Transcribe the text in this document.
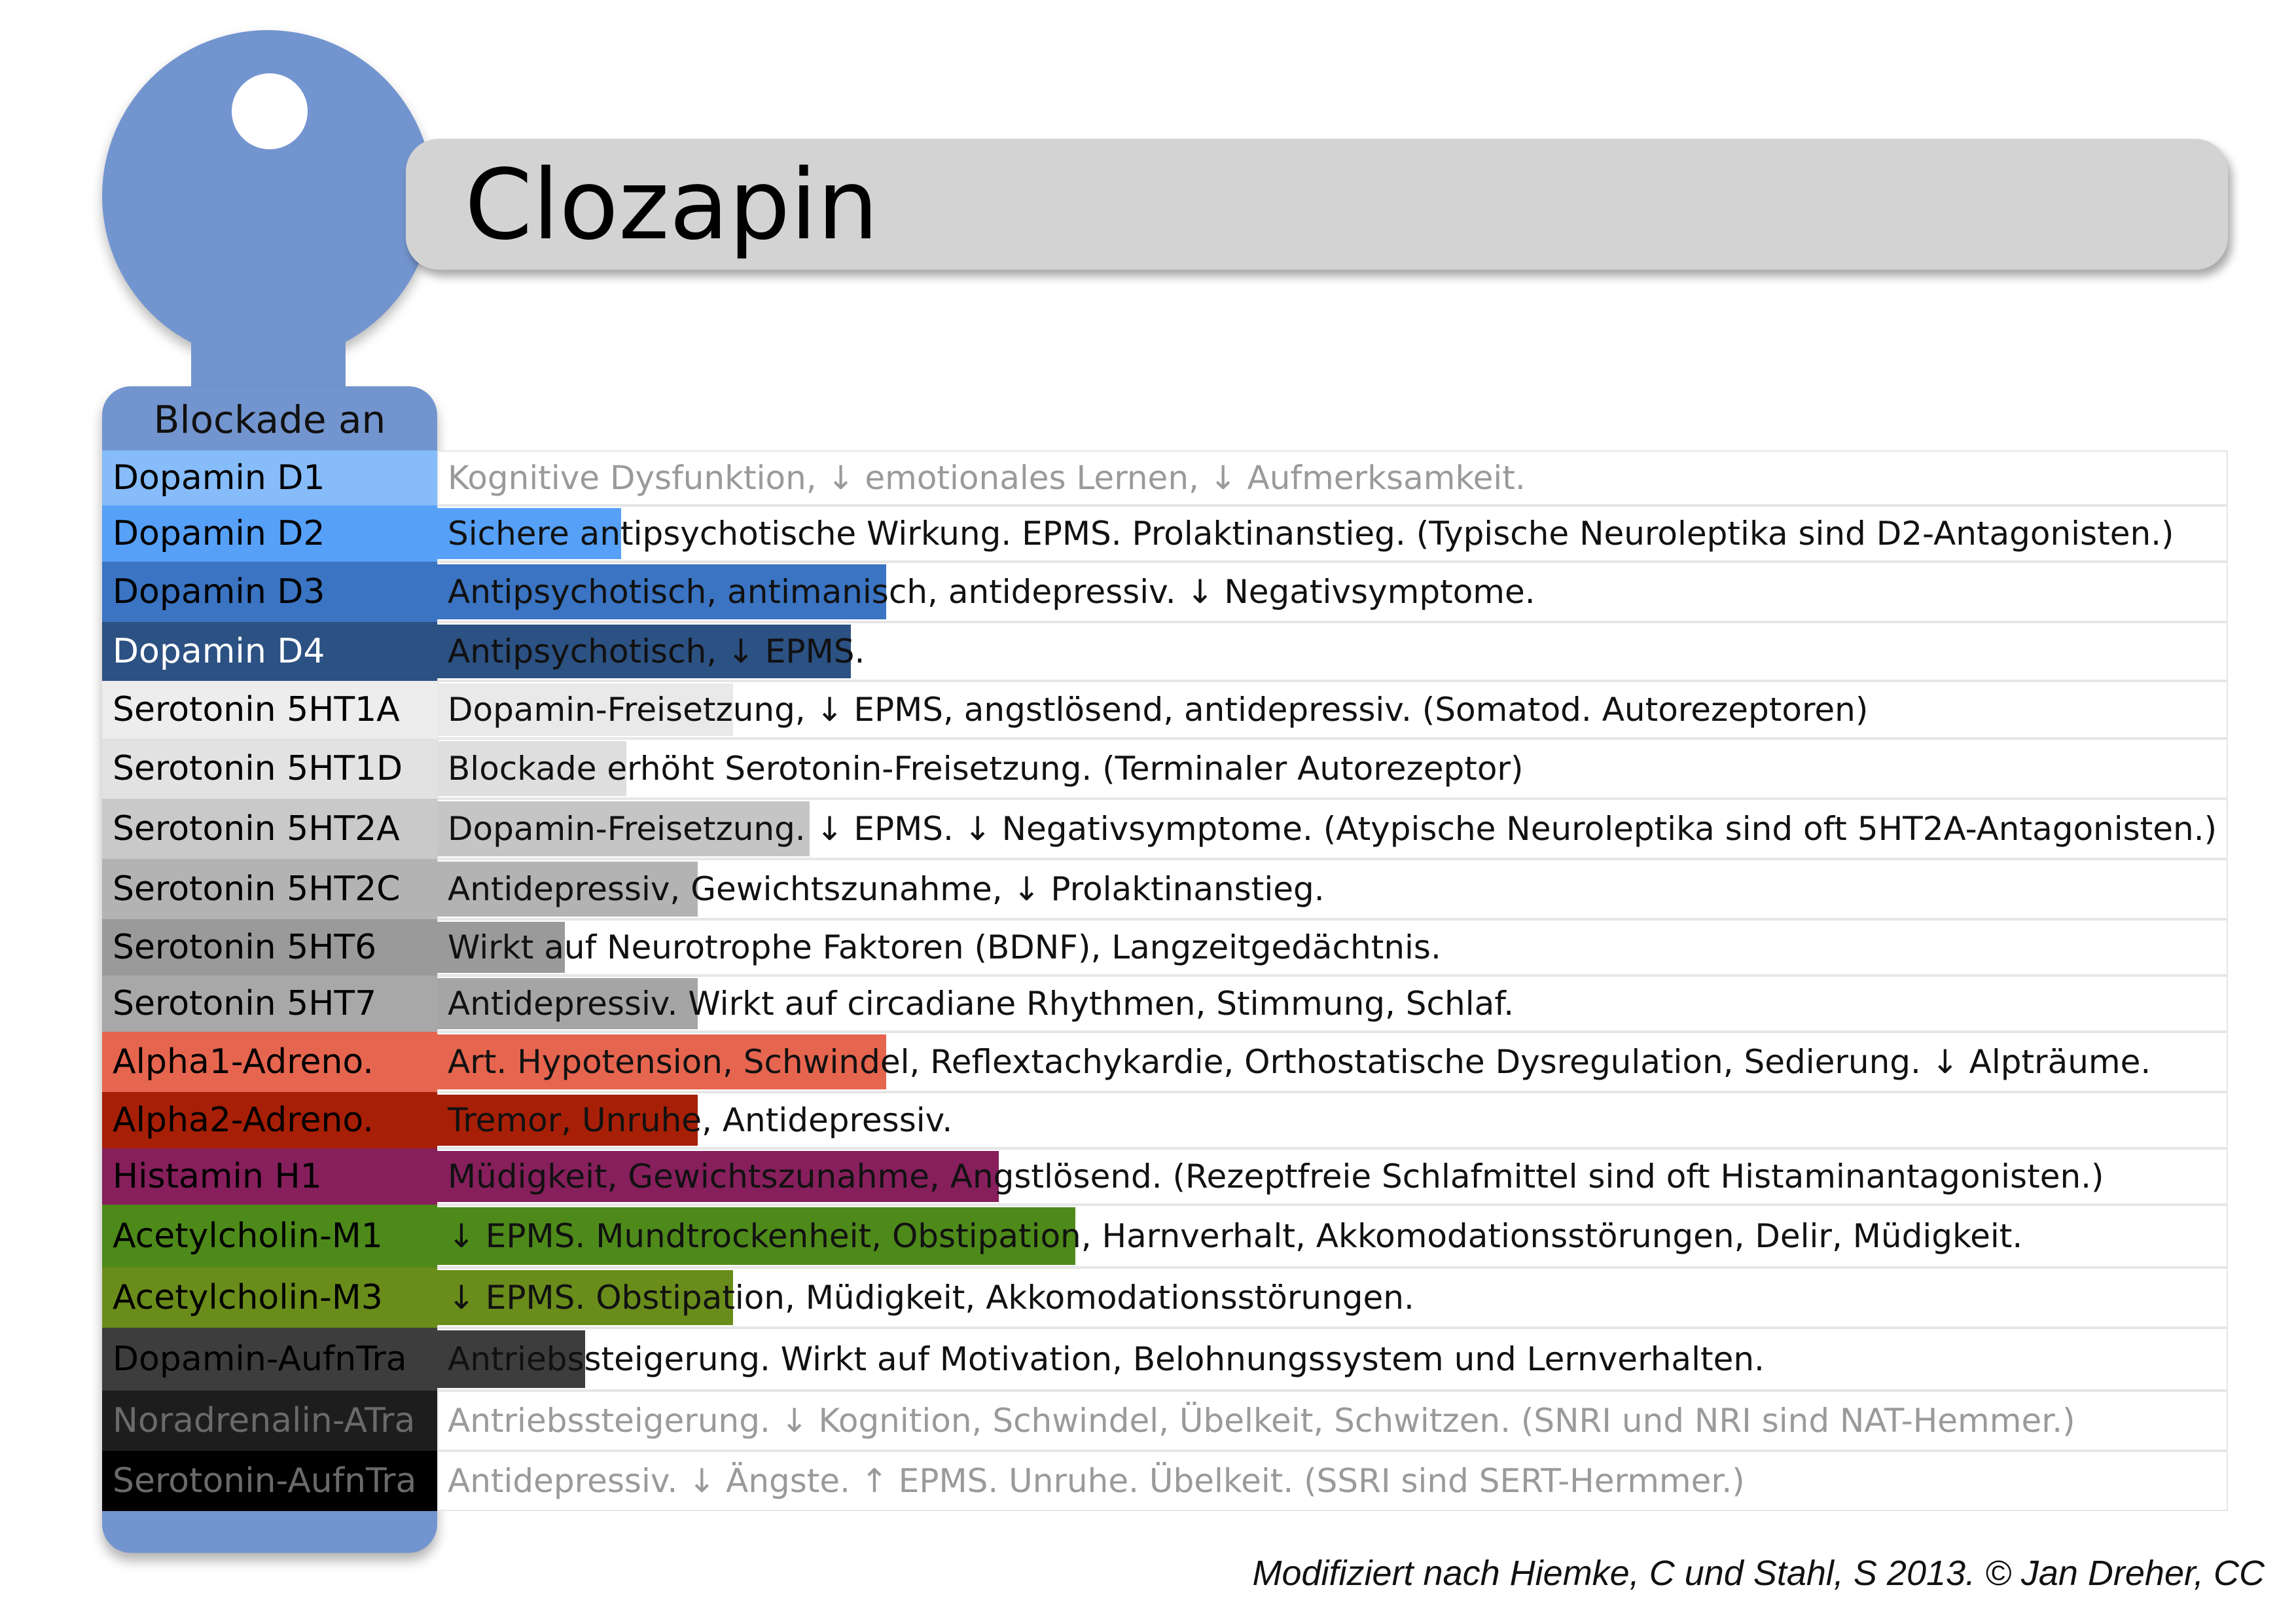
Clozapin
Blockade an
Dopamin D1	Kognitive Dysfunktion, ↓ emotionales Lernen, ↓ Aufmerksamkeit.
Dopamin D2	Sichere antipsychotische Wirkung. EPMS. Prolaktinanstieg. (Typische Neuroleptika sind D2-Antagonisten.)
Dopamin D3	Antipsychotisch, antimanisch, antidepressiv. ↓ Negativsymptome.
Dopamin D4	Antipsychotisch, ↓ EPMS.
Serotonin 5HT1A	Dopamin-Freisetzung, ↓ EPMS, angstlösend, antidepressiv. (Somatod. Autorezeptoren)
Serotonin 5HT1D	Blockade erhöht Serotonin-Freisetzung. (Terminaler Autorezeptor)
Serotonin 5HT2A	Dopamin-Freisetzung. ↓ EPMS. ↓ Negativsymptome. (Atypische Neuroleptika sind oft 5HT2A-Antagonisten.)
Serotonin 5HT2C	Antidepressiv, Gewichtszunahme, ↓ Prolaktinanstieg.
Serotonin 5HT6	Wirkt auf Neurotrophe Faktoren (BDNF), Langzeitgedächtnis.
Serotonin 5HT7	Antidepressiv. Wirkt auf circadiane Rhythmen, Stimmung, Schlaf.
Alpha1-Adreno.	Art. Hypotension, Schwindel, Reflextachykardie, Orthostatische Dysregulation, Sedierung. ↓ Alpträume.
Alpha2-Adreno.	Tremor, Unruhe, Antidepressiv.
Histamin H1	Müdigkeit, Gewichtszunahme, Angstlösend. (Rezeptfreie Schlafmittel sind oft Histaminantagonisten.)
Acetylcholin-M1	↓ EPMS. Mundtrockenheit, Obstipation, Harnverhalt, Akkomodationsstörungen, Delir, Müdigkeit.
Acetylcholin-M3	↓ EPMS. Obstipation, Müdigkeit, Akkomodationsstörungen.
Dopamin-AufnTra	Antriebssteigerung. Wirkt auf Motivation, Belohnungssystem und Lernverhalten.
Noradrenalin-ATra Antriebssteigerung. ↓ Kognition, Schwindel, Übelkeit, Schwitzen. (SNRI und NRI sind NAT-Hemmer.)
Serotonin-AufnTra Antidepressiv. ↓ Ängste. ↑ EPMS. Unruhe. Übelkeit. (SSRI sind SERT-Hermmer.)
Modifiziert nach Hiemke, C und Stahl, S 2013. © Jan Dreher, CC
